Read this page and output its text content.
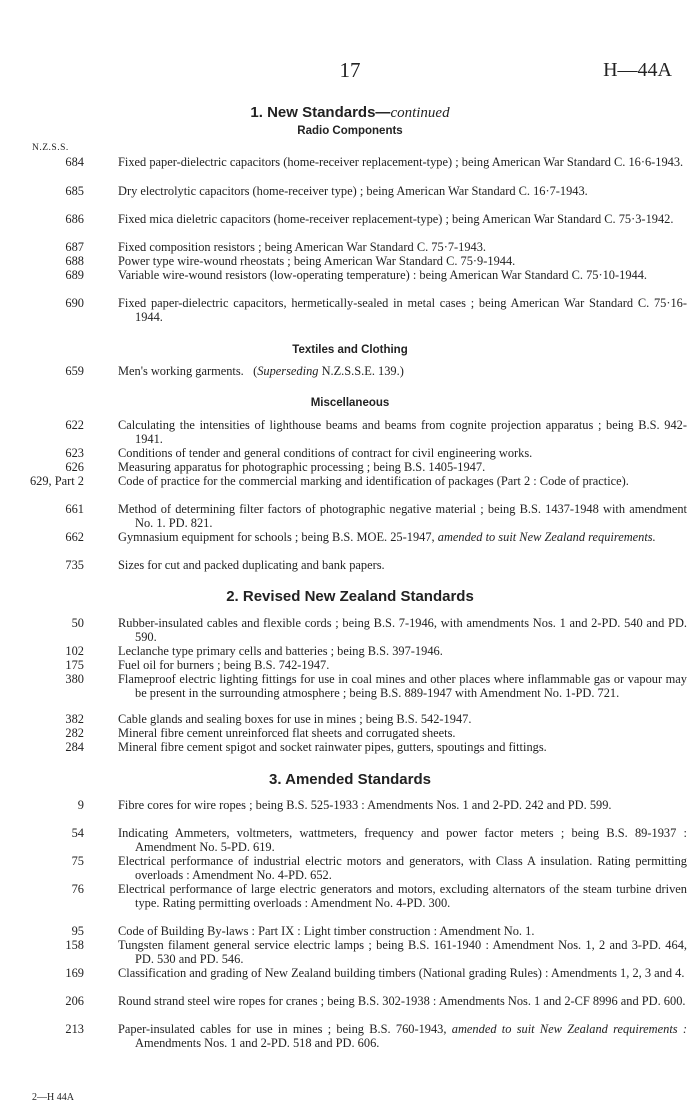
17	H—44A
1. New Standards—continued
Radio Components
N.Z.S.S.
684	Fixed paper-dielectric capacitors (home-receiver replacement-type) ; being American War Standard C. 16·6-1943.
685	Dry electrolytic capacitors (home-receiver type) ; being American War Standard C. 16·7-1943.
686	Fixed mica dieletric capacitors (home-receiver replacement-type) ; being American War Standard C. 75·3-1942.
687	Fixed composition resistors ; being American War Standard C. 75·7-1943.
688	Power type wire-wound rheostats ; being American War Standard C. 75·9-1944.
689	Variable wire-wound resistors (low-operating temperature) : being American War Standard C. 75·10-1944.
690	Fixed paper-dielectric capacitors, hermetically-sealed in metal cases ; being American War Standard C. 75·16-1944.
Textiles and Clothing
659	Men's working garments.   (Superseding N.Z.S.S.E. 139.)
Miscellaneous
622	Calculating the intensities of lighthouse beams and beams from cognite projection apparatus ; being B.S. 942-1941.
623	Conditions of tender and general conditions of contract for civil engineering works.
626	Measuring apparatus for photographic processing ; being B.S. 1405-1947.
629, Part 2	Code of practice for the commercial marking and identification of packages (Part 2 : Code of practice).
661	Method of determining filter factors of photographic negative material ; being B.S. 1437-1948 with amendment No. 1. PD. 821.
662	Gymnasium equipment for schools ; being B.S. MOE. 25-1947, amended to suit New Zealand requirements.
735	Sizes for cut and packed duplicating and bank papers.
2. Revised New Zealand Standards
50	Rubber-insulated cables and flexible cords ; being B.S. 7-1946, with amendments Nos. 1 and 2-PD. 540 and PD. 590.
102	Leclanche type primary cells and batteries ; being B.S. 397-1946.
175	Fuel oil for burners ; being B.S. 742-1947.
380	Flameproof electric lighting fittings for use in coal mines and other places where inflammable gas or vapour may be present in the surrounding atmosphere ; being B.S. 889-1947 with Amendment No. 1-PD. 721.
382	Cable glands and sealing boxes for use in mines ; being B.S. 542-1947.
282	Mineral fibre cement unreinforced flat sheets and corrugated sheets.
284	Mineral fibre cement spigot and socket rainwater pipes, gutters, spoutings and fittings.
3. Amended Standards
9	Fibre cores for wire ropes ; being B.S. 525-1933 : Amendments Nos. 1 and 2-PD. 242 and PD. 599.
54	Indicating Ammeters, voltmeters, wattmeters, frequency and power factor meters ; being B.S. 89-1937 : Amendment No. 5-PD. 619.
75	Electrical performance of industrial electric motors and generators, with Class A insulation. Rating permitting overloads : Amendment No. 4-PD. 652.
76	Electrical performance of large electric generators and motors, excluding alternators of the steam turbine driven type. Rating permitting overloads : Amendment No. 4-PD. 300.
95	Code of Building By-laws : Part IX : Light timber construction : Amendment No. 1.
158	Tungsten filament general service electric lamps ; being B.S. 161-1940 : Amendment Nos. 1, 2 and 3-PD. 464, PD. 530 and PD. 546.
169	Classification and grading of New Zealand building timbers (National grading Rules) : Amendments 1, 2, 3 and 4.
206	Round strand steel wire ropes for cranes ; being B.S. 302-1938 : Amendments Nos. 1 and 2-CF 8996 and PD. 600.
213	Paper-insulated cables for use in mines ; being B.S. 760-1943, amended to suit New Zealand requirements : Amendments Nos. 1 and 2-PD. 518 and PD. 606.
2—H 44A
